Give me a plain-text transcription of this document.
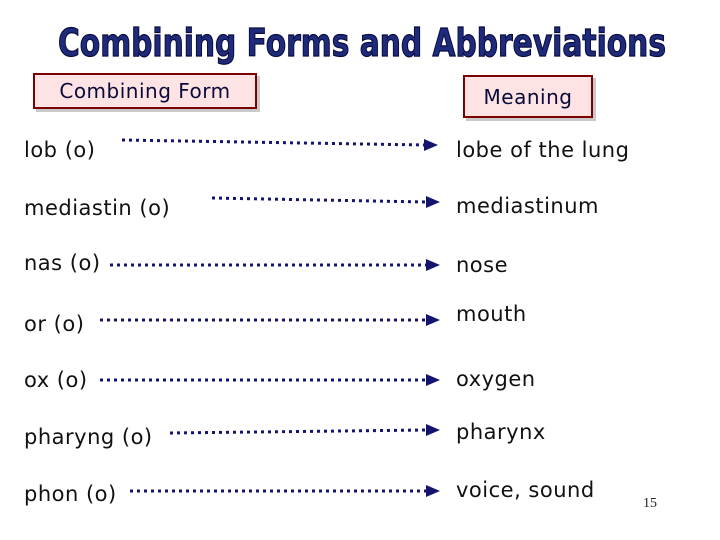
Combining Forms and Abbreviations
Combining Form	Meaning
lob (o)	lobe of the lung
mediastin (o)	mediastinum
nas (o)	nose
or (o)	mouth
ox (o)	oxygen
pharyng (o)	pharynx
phon (o)	voice, sound
15
